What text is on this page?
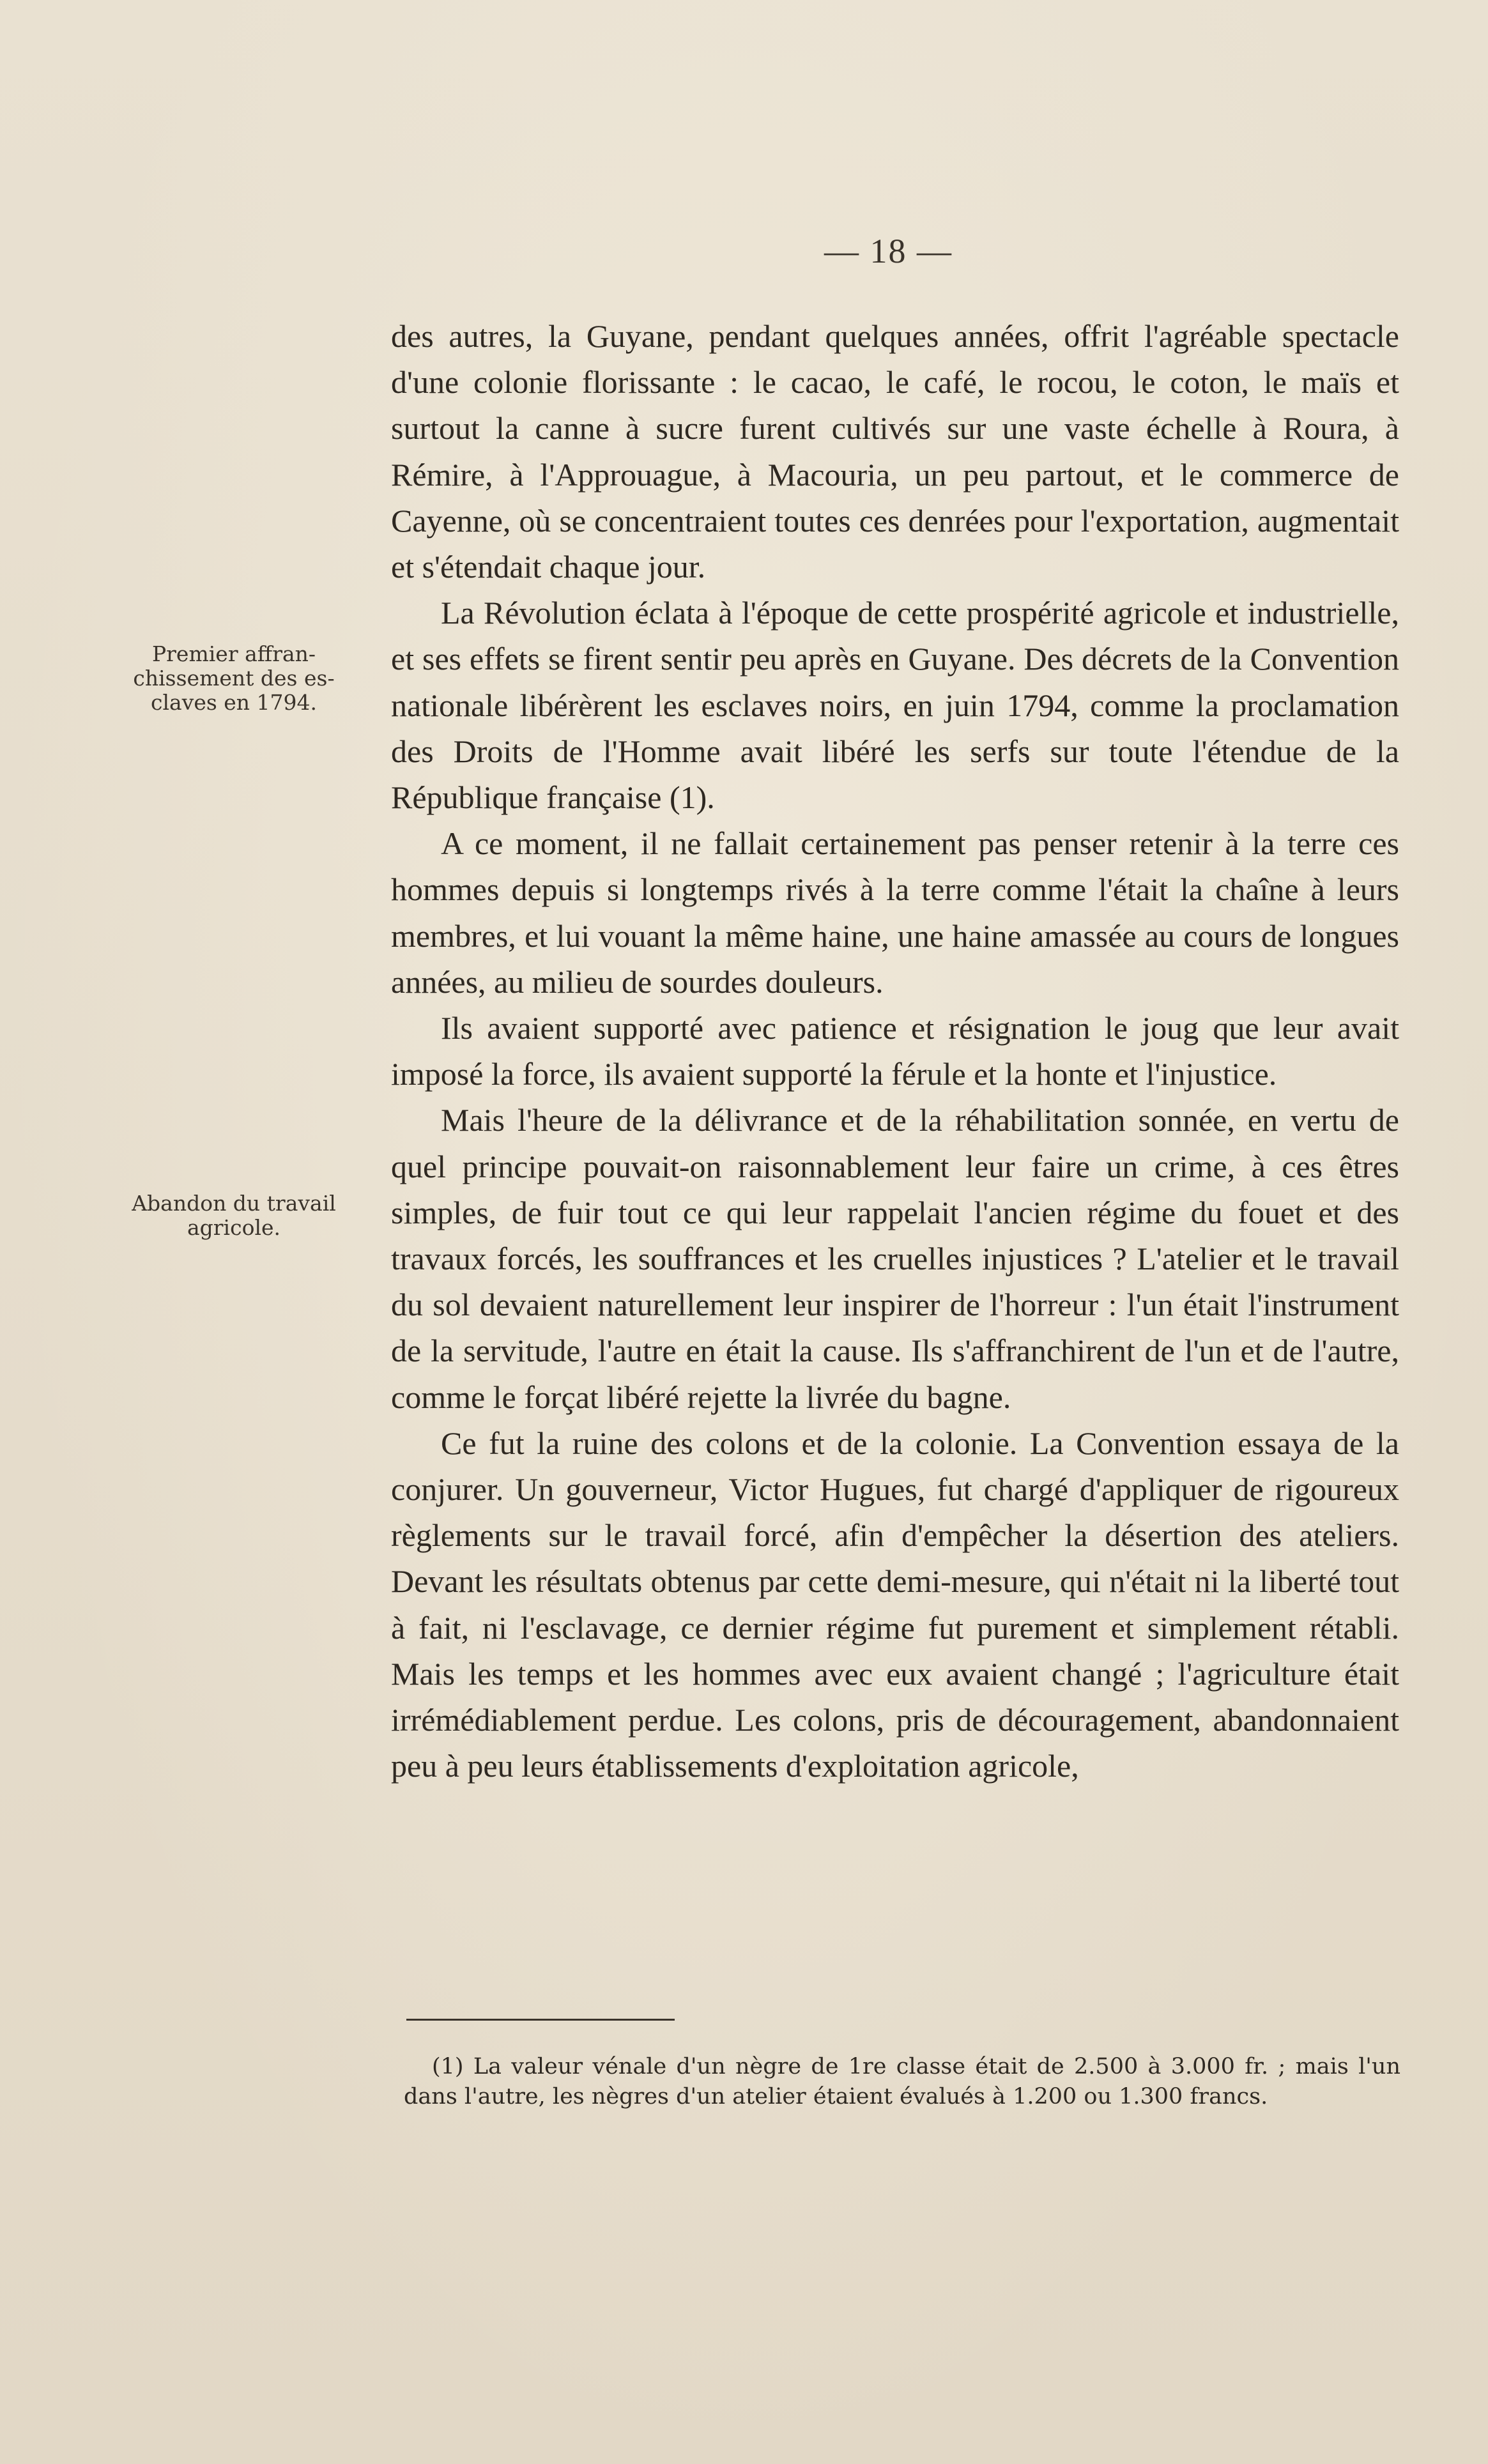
— 18 —
Premier affran-chissement des es-claves en 1794.
Abandon du travail agricole.

des autres, la Guyane, pendant quelques années, offrit l'agréable spectacle d'une colonie florissante : le cacao, le café, le rocou, le coton, le maïs et surtout la canne à sucre furent cultivés sur une vaste échelle à Roura, à Rémire, à l'Approuague, à Macouria, un peu partout, et le commerce de Cayenne, où se concentraient toutes ces denrées pour l'exportation, augmentait et s'étendait chaque jour.

La Révolution éclata à l'époque de cette prospérité agricole et industrielle, et ses effets se firent sentir peu après en Guyane. Des décrets de la Convention nationale libérèrent les esclaves noirs, en juin 1794, comme la proclamation des Droits de l'Homme avait libéré les serfs sur toute l'étendue de la République française (1).

A ce moment, il ne fallait certainement pas penser retenir à la terre ces hommes depuis si longtemps rivés à la terre comme l'était la chaîne à leurs membres, et lui vouant la même haine, une haine amassée au cours de longues années, au milieu de sourdes douleurs.

Ils avaient supporté avec patience et résignation le joug que leur avait imposé la force, ils avaient supporté la férule et la honte et l'injustice.

Mais l'heure de la délivrance et de la réhabilitation sonnée, en vertu de quel principe pouvait-on raisonnablement leur faire un crime, à ces êtres simples, de fuir tout ce qui leur rappelait l'ancien régime du fouet et des travaux forcés, les souffrances et les cruelles injustices ? L'atelier et le travail du sol devaient naturellement leur inspirer de l'horreur : l'un était l'instrument de la servitude, l'autre en était la cause. Ils s'affranchirent de l'un et de l'autre, comme le forçat libéré rejette la livrée du bagne.

Ce fut la ruine des colons et de la colonie. La Convention essaya de la conjurer. Un gouverneur, Victor Hugues, fut chargé d'appliquer de rigoureux règlements sur le travail forcé, afin d'empêcher la désertion des ateliers. Devant les résultats obtenus par cette demi-mesure, qui n'était ni la liberté tout à fait, ni l'esclavage, ce dernier régime fut purement et simplement rétabli. Mais les temps et les hommes avec eux avaient changé ; l'agriculture était irrémédiablement perdue. Les colons, pris de découragement, abandonnaient peu à peu leurs établissements d'exploitation agricole,

(1) La valeur vénale d'un nègre de 1re classe était de 2.500 à 3.000 fr. ; mais l'un dans l'autre, les nègres d'un atelier étaient évalués à 1.200 ou 1.300 francs.
